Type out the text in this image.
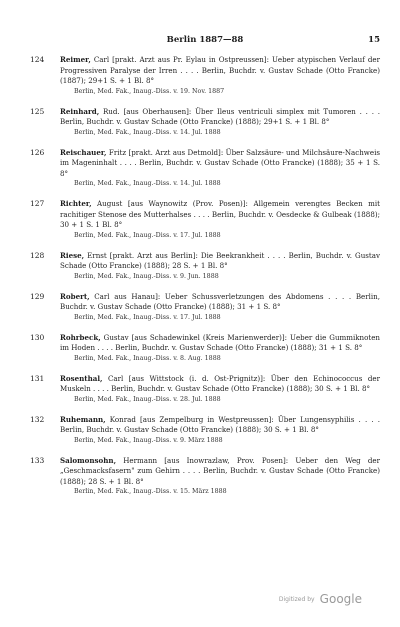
Berlin 1887—88	15
124 Reimer, Carl [prakt. Arzt aus Pr. Eylau in Ostpreussen]: Ueber atypischen Verlauf der Progressiven Paralyse der Irren . . . . Berlin, Buchdr. v. Gustav Schade (Otto Francke) (1887); 29+1 S. + 1 Bl. 8°
Berlin, Med. Fak., Inaug.-Diss. v. 19. Nov. 1887
125 Reinhard, Rud. [aus Oberhausen]: Über Ileus ventriculi simplex mit Tumoren . . . . Berlin, Buchdr. v. Gustav Schade (Otto Francke) (1888); 29+1 S. + 1 Bl. 8°
Berlin, Med. Fak., Inaug.-Diss. v. 14. Jul. 1888
126 Reischauer, Fritz [prakt. Arzt aus Detmold]: Über Salzsäure- und Milchsäure-Nachweis im Mageninhalt . . . . Berlin, Buchdr. v. Gustav Schade (Otto Francke) (1888); 35 + 1 S. 8°
Berlin, Med. Fak., Inaug.-Diss. v. 14. Jul. 1888
127 Richter, August [aus Waynowitz (Prov. Posen)]: Allgemein verengtes Becken mit rachitiger Stenose des Mutterhalses . . . . Berlin, Buchdr. v. Oesdecke & Gulbeak (1888); 30 + 1 S. 1 Bl. 8°
Berlin, Med. Fak., Inaug.-Diss. v. 17. Jul. 1888
128 Riese, Ernst [prakt. Arzt aus Berlin]: Die Beekrankheit . . . . Berlin, Buchdr. v. Gustav Schade (Otto Francke) (1888); 28 S. + 1 Bl. 8°
Berlin, Med. Fak., Inaug.-Diss. v. 9. Jun. 1888
129 Robert, Carl aus Hanau]: Ueber Schussverletzungen des Abdomens . . . . Berlin, Buchdr. v. Gustav Schade (Otto Francke) (1888); 31 + 1 S. 8°
Berlin, Med. Fak., Inaug.-Diss. v. 17. Jul. 1888
130 Rohrbeck, Gustav [aus Schadewinkel (Kreis Marienwerder)]: Ueber die Gummiknoten im Hoden . . . . Berlin, Buchdr. v. Gustav Schade (Otto Francke) (1888); 31 + 1 S. 8°
Berlin, Med. Fak., Inaug.-Diss. v. 8. Aug. 1888
131 Rosenthal, Carl [aus Wittstock (i. d. Ost-Prignitz)]: Über den Echinococcus der Muskeln . . . . Berlin, Buchdr. v. Gustav Schade (Otto Francke) (1888); 30 S. + 1 Bl. 8°
Berlin, Med. Fak., Inaug.-Diss. v. 28. Jul. 1888
132 Ruhemann, Konrad [aus Zempelburg in Westpreussen]: Über Lungensyphilis . . . . Berlin, Buchdr. v. Gustav Schade (Otto Francke) (1888); 30 S. + 1 Bl. 8°
Berlin, Med. Fak., Inaug.-Diss. v. 9. März 1888
133 Salomonsohn, Hermann [aus Inowrazlaw, Prov. Posen]: Ueber den Weg der „Geschmacksfasern" zum Gehirn . . . . Berlin, Buchdr. v. Gustav Schade (Otto Francke) (1888); 28 S. + 1 Bl. 8°
Berlin, Med. Fak., Inaug.-Diss. v. 15. März 1888
Digitized by Google
